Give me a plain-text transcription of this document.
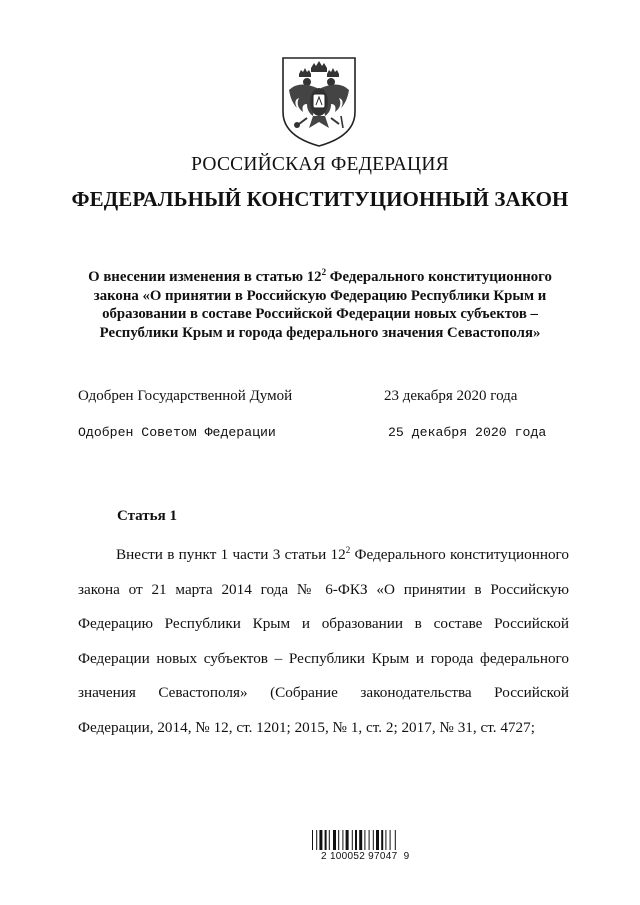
РОССИЙСКАЯ ФЕДЕРАЦИЯ
ФЕДЕРАЛЬНЫЙ КОНСТИТУЦИОННЫЙ ЗАКОН
О внесении изменения в статью $12^2$ Федерального конституционного
закона «О принятии в Российскую Федерацию Республики Крым и
образовании в составе Российской Федерации новых субъектов –
Республики Крым и города федерального значения Севастополя»
Одобрен Государственной Думой	23 декабря 2020 года
Одобрен Советом Федерации	25 декабря 2020 года
Статья 1
Внести в пункт 1 части 3 статьи $12^2$ Федерального конституционного закона от 21 марта 2014 года № 6-ФКЗ «О принятии в Российскую Федерацию Республики Крым и образовании в составе Российской Федерации новых субъектов – Республики Крым и города федерального значения Севастополя» (Собрание законодательства Российской Федерации, 2014, № 12, ст. 1201; 2015, № 1, ст. 2; 2017, № 31, ст. 4727;
2 100052 97047  9
